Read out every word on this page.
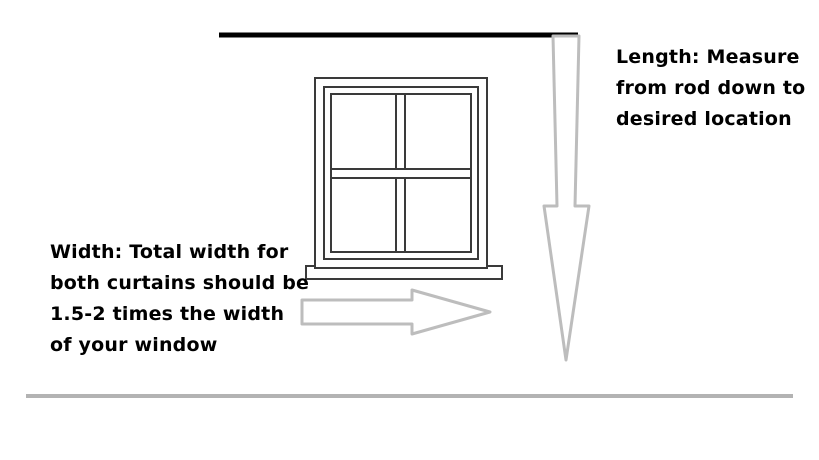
Length: Measure from rod down to desired location
Width: Total width for both curtains should be 1.5-2 times the width of your window
